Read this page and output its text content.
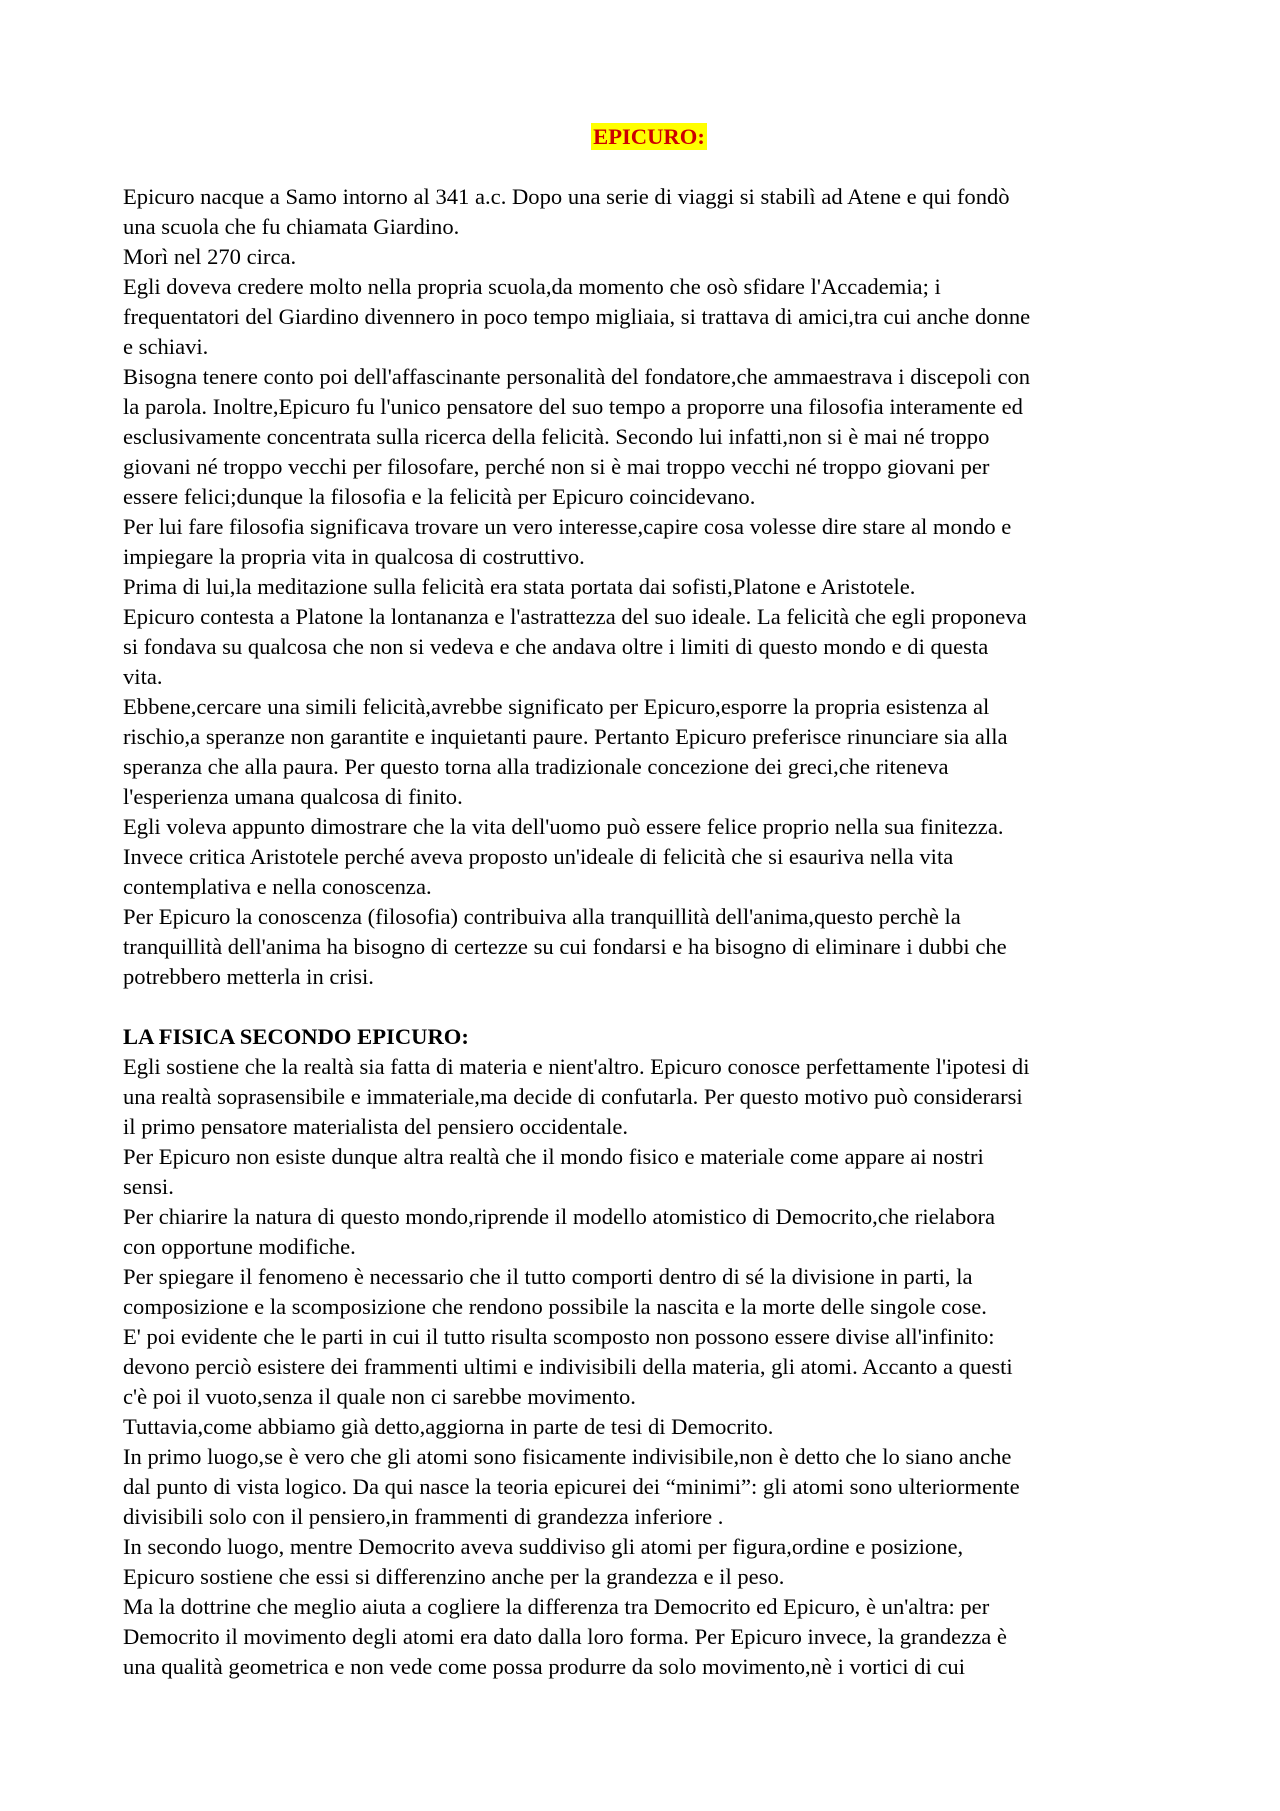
EPICURO:
Epicuro nacque a Samo intorno al 341 a.c. Dopo una serie di viaggi si stabilì ad Atene e qui fondò
una scuola che fu chiamata Giardino.
Morì nel 270 circa.
Egli doveva credere molto nella propria scuola,da momento che osò sfidare l'Accademia; i
frequentatori del Giardino divennero in poco tempo migliaia, si trattava di amici,tra cui anche donne
e schiavi.
Bisogna tenere conto poi dell'affascinante personalità del fondatore,che ammaestrava i discepoli con
la parola. Inoltre,Epicuro fu l'unico pensatore del suo tempo a proporre una filosofia interamente ed
esclusivamente concentrata sulla ricerca della felicità. Secondo lui infatti,non si è mai né troppo
giovani né troppo vecchi per filosofare, perché non si è mai troppo vecchi né troppo giovani per
essere felici;dunque la filosofia e la felicità per Epicuro coincidevano.
Per lui fare filosofia significava trovare un vero interesse,capire cosa volesse dire stare al mondo e
impiegare la propria vita in qualcosa di costruttivo.
Prima di lui,la meditazione sulla felicità era stata portata dai sofisti,Platone e Aristotele.
Epicuro contesta a Platone la lontananza e l'astrattezza del suo ideale. La felicità che egli proponeva
si fondava su qualcosa che non si vedeva e che andava oltre i limiti di questo mondo e di questa
vita.
Ebbene,cercare una simili felicità,avrebbe significato per Epicuro,esporre la propria esistenza al
rischio,a speranze non garantite e inquietanti paure. Pertanto Epicuro preferisce rinunciare sia alla
speranza che alla paura. Per questo torna alla tradizionale concezione dei greci,che riteneva
l'esperienza umana qualcosa di finito.
Egli voleva appunto dimostrare che la vita dell'uomo può essere felice proprio nella sua finitezza.
Invece critica Aristotele perché aveva proposto un'ideale di felicità che si esauriva nella vita
contemplativa e nella conoscenza.
Per Epicuro la conoscenza (filosofia) contribuiva alla tranquillità dell'anima,questo perchè la
tranquillità dell'anima ha bisogno di certezze su cui fondarsi e ha bisogno di eliminare i dubbi che
potrebbero metterla in crisi.
LA FISICA SECONDO EPICURO:
Egli sostiene che la realtà sia fatta di materia e nient'altro. Epicuro conosce perfettamente l'ipotesi di
una realtà soprasensibile e immateriale,ma decide di confutarla. Per questo motivo può considerarsi
il primo pensatore materialista del pensiero occidentale.
Per Epicuro non esiste dunque altra realtà che il mondo fisico e materiale come appare ai nostri
sensi.
Per chiarire la natura di questo mondo,riprende il modello atomistico di Democrito,che rielabora
con opportune modifiche.
Per spiegare il fenomeno è necessario che il tutto comporti dentro di sé la divisione in parti, la
composizione e la scomposizione che rendono possibile la nascita e la morte delle singole cose.
E' poi evidente che le parti in cui il tutto risulta scomposto non possono essere divise all'infinito:
devono perciò esistere dei frammenti ultimi e indivisibili della materia, gli atomi. Accanto a questi
c'è poi il vuoto,senza il quale non ci sarebbe movimento.
Tuttavia,come abbiamo già detto,aggiorna in parte de tesi di Democrito.
In primo luogo,se è vero che gli atomi sono fisicamente indivisibile,non è detto che lo siano anche
dal punto di vista logico. Da qui nasce la teoria epicurei dei “minimi”: gli atomi sono ulteriormente
divisibili solo con il pensiero,in frammenti di grandezza inferiore .
In secondo luogo, mentre Democrito aveva suddiviso gli atomi per figura,ordine e posizione,
Epicuro sostiene che essi si differenzino anche per la grandezza e il peso.
Ma la dottrine che meglio aiuta a cogliere la differenza tra Democrito ed Epicuro, è un'altra: per
Democrito il movimento degli atomi era dato dalla loro forma. Per Epicuro invece, la grandezza è
una qualità geometrica e non vede come possa produrre da solo movimento,nè i vortici di cui
